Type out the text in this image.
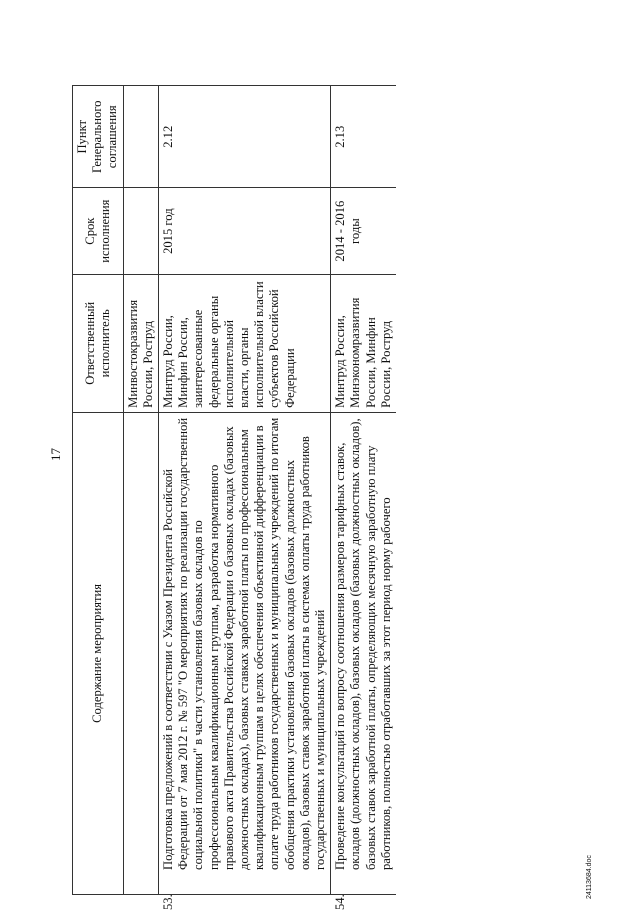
17
Содержание мероприятия	Ответственный исполнитель	Срок исполнения	Пункт Генерального соглашения
	Минвостокразвития России, Роструд		

53.Подготовка предложений в соответствии с Указом Президента Российской Федерации от 7 мая 2012 г. № 597 "О мероприятиях по реализации государственной социальной политики" в части установления базовых окладов по профессиональным квалификационным группам, разработка нормативного правового акта Правительства Российской Федерации о базовых окладах (базовых должностных окладах), базовых ставках заработной платы по профессиональным квалификационным группам в целях обеспечения объективной дифференциации в оплате труда работников государственных и муниципальных учреждений по итогам обобщения практики установления базовых окладов (базовых должностных окладов), базовых ставок заработной платы в системах оплаты труда работников государственных и муниципальных учреждений	Минтруд России, Минфин России, заинтересованные федеральные органы исполнительной власти, органы исполнительной власти субъектов Российской Федерации	2015 год	2.12

54.Проведение консультаций по вопросу соотношения размеров тарифных ставок, окладов (должностных окладов), базовых окладов (базовых должностных окладов), базовых ставок заработной платы, определяющих месячную заработную плату работников, полностью отработавших за этот период норму рабочего	Минтруд России, Минэкономразвития России, Минфин России, Роструд	2014 - 2016 годы	2.13
24113684.doc
